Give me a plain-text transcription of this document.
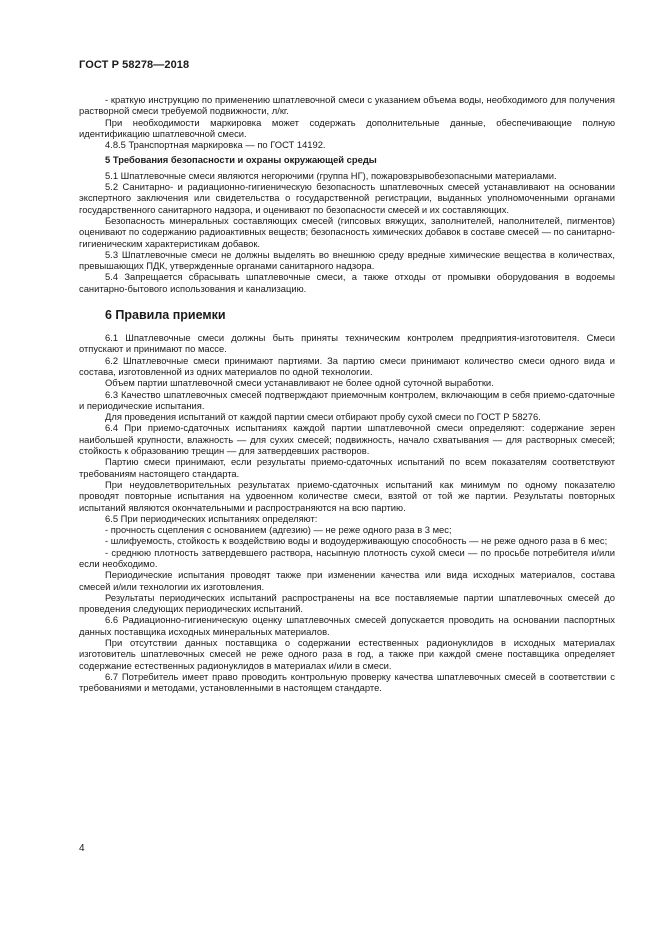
ГОСТ Р 58278—2018

- краткую инструкцию по применению шпатлевочной смеси с указанием объема воды, необходимого для получения растворной смеси требуемой подвижности, л/кг.

При необходимости маркировка может содержать дополнительные данные, обеспечивающие полную идентификацию шпатлевочной смеси.

4.8.5 Транспортная маркировка — по ГОСТ 14192.

5 Требования безопасности и охраны окружающей среды

5.1 Шпатлевочные смеси являются негорючими (группа НГ), пожаровзрывобезопасными материалами.

5.2 Санитарно- и радиационно-гигиеническую безопасность шпатлевочных смесей устанавливают на основании экспертного заключения или свидетельства о государственной регистрации, выданных уполномоченными органами государственного санитарного надзора, и оценивают по безопасности смесей и их составляющих.

Безопасность минеральных составляющих смесей (гипсовых вяжущих, заполнителей, наполнителей, пигментов) оценивают по содержанию радиоактивных веществ; безопасность химических добавок в составе смесей — по санитарно-гигиеническим характеристикам добавок.

5.3 Шпатлевочные смеси не должны выделять во внешнюю среду вредные химические вещества в количествах, превышающих ПДК, утвержденные органами санитарного надзора.

5.4 Запрещается сбрасывать шпатлевочные смеси, а также отходы от промывки оборудования в водоемы санитарно-бытового использования и канализацию.

6 Правила приемки

6.1 Шпатлевочные смеси должны быть приняты техническим контролем предприятия-изготовителя. Смеси отпускают и принимают по массе.

6.2 Шпатлевочные смеси принимают партиями. За партию смеси принимают количество смеси одного вида и состава, изготовленной из одних материалов по одной технологии.

Объем партии шпатлевочной смеси устанавливают не более одной суточной выработки.

6.3 Качество шпатлевочных смесей подтверждают приемочным контролем, включающим в себя приемо-сдаточные и периодические испытания.

Для проведения испытаний от каждой партии смеси отбирают пробу сухой смеси по ГОСТ Р 58276.

6.4 При приемо-сдаточных испытаниях каждой партии шпатлевочной смеси определяют: содержание зерен наибольшей крупности, влажность — для сухих смесей; подвижность, начало схватывания — для растворных смесей; стойкость к образованию трещин — для затвердевших растворов.

Партию смеси принимают, если результаты приемо-сдаточных испытаний по всем показателям соответствуют требованиям настоящего стандарта.

При неудовлетворительных результатах приемо-сдаточных испытаний как минимум по одному показателю проводят повторные испытания на удвоенном количестве смеси, взятой от той же партии. Результаты повторных испытаний являются окончательными и распространяются на всю партию.

6.5 При периодических испытаниях определяют:

- прочность сцепления с основанием (адгезию) — не реже одного раза в 3 мес;

- шлифуемость, стойкость к воздействию воды и водоудерживающую способность — не реже одного раза в 6 мес;

- среднюю плотность затвердевшего раствора, насыпную плотность сухой смеси — по просьбе потребителя и/или если необходимо.

Периодические испытания проводят также при изменении качества или вида исходных материалов, состава смесей и/или технологии их изготовления.

Результаты периодических испытаний распространены на все поставляемые партии шпатлевочных смесей до проведения следующих периодических испытаний.

6.6 Радиационно-гигиеническую оценку шпатлевочных смесей допускается проводить на основании паспортных данных поставщика исходных минеральных материалов.

При отсутствии данных поставщика о содержании естественных радионуклидов в исходных материалах изготовитель шпатлевочных смесей не реже одного раза в год, а также при каждой смене поставщика определяет содержание естественных радионуклидов в материалах и/или в смеси.

6.7 Потребитель имеет право проводить контрольную проверку качества шпатлевочных смесей в соответствии с требованиями и методами, установленными в настоящем стандарте.

4
